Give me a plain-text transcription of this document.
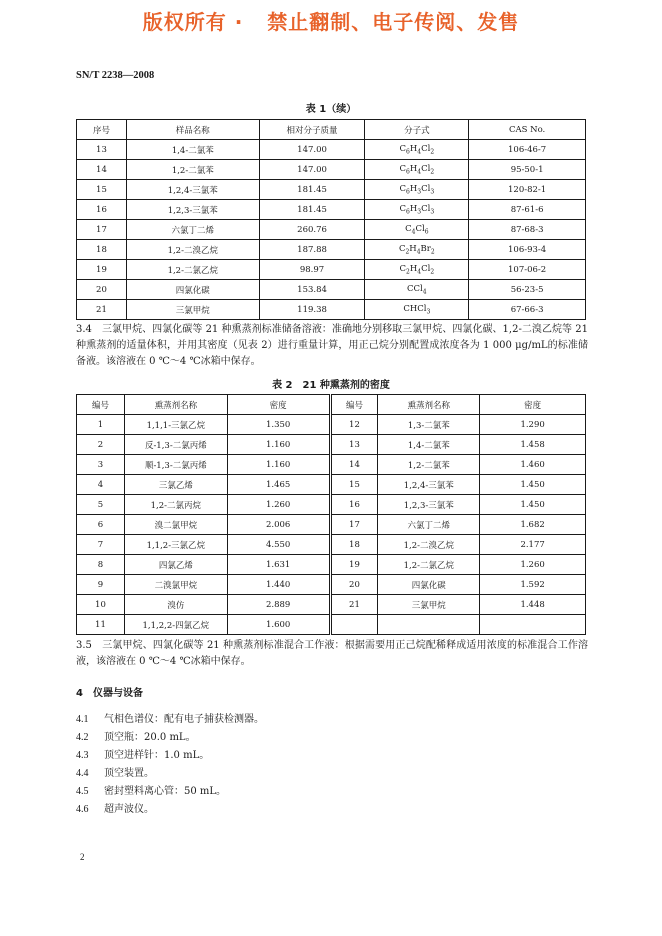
版权所有 ·   禁止翻制、电子传阅、发售
SN/T 2238—2008
表 1（续）
序号	样品名称	相对分子质量	分子式	CAS No.
13	1,4-二氯苯	147.00	$C_6H_4Cl_2$	106-46-7
14	1,2-二氯苯	147.00	$C_6H_4Cl_2$	95-50-1
15	1,2,4-三氯苯	181.45	$C_6H_3Cl_3$	120-82-1
16	1,2,3-三氯苯	181.45	$C_6H_3Cl_3$	87-61-6
17	六氯丁二烯	260.76	$C_4Cl_6$	87-68-3
18	1,2-二溴乙烷	187.88	$C_2H_4Br_2$	106-93-4
19	1,2-二氯乙烷	98.97	$C_2H_4Cl_2$	107-06-2
20	四氯化碳	153.84	CCl$_4$	56-23-5
21	三氯甲烷	119.38	CHCl$_3$	67-66-3
3.4　三氯甲烷、四氯化碳等 21 种熏蒸剂标准储备溶液：准确地分别移取三氯甲烷、四氯化碳、1,2-二溴乙烷等 21 种熏蒸剂的适量体积，并用其密度（见表 2）进行重量计算，用正己烷分别配置成浓度各为 1 000 μg/mL的标准储备液。该溶液在 0 ℃～4 ℃冰箱中保存。
表 2　21 种熏蒸剂的密度
编号	熏蒸剂名称	密度	编号	熏蒸剂名称	密度
1	1,1,1-三氯乙烷	1.350	12	1,3-二氯苯	1.290
2	反-1,3-二氯丙烯	1.160	13	1,4-二氯苯	1.458
3	顺-1,3-二氯丙烯	1.160	14	1,2-二氯苯	1.460
4	三氯乙烯	1.465	15	1,2,4-三氯苯	1.450
5	1,2-二氯丙烷	1.260	16	1,2,3-三氯苯	1.450
6	溴二氯甲烷	2.006	17	六氯丁二烯	1.682
7	1,1,2-三氯乙烷	4.550	18	1,2-二溴乙烷	2.177
8	四氯乙烯	1.631	19	1,2-二氯乙烷	1.260
9	二溴氯甲烷	1.440	20	四氯化碳	1.592
10	溴仿	2.889	21	三氯甲烷	1.448
11	1,1,2,2-四氯乙烷	1.600			
3.5　三氯甲烷、四氯化碳等 21 种熏蒸剂标准混合工作液：根据需要用正己烷配稀释成适用浓度的标准混合工作溶液，该溶液在 0 ℃～4 ℃冰箱中保存。
4　仪器与设备
4.1 气相色谱仪：配有电子捕获检测器。
4.2 顶空瓶：20.0 mL。
4.3 顶空进样针：1.0 mL。
4.4 顶空装置。
4.5 密封塑料离心管：50 mL。
4.6 超声波仪。
2
